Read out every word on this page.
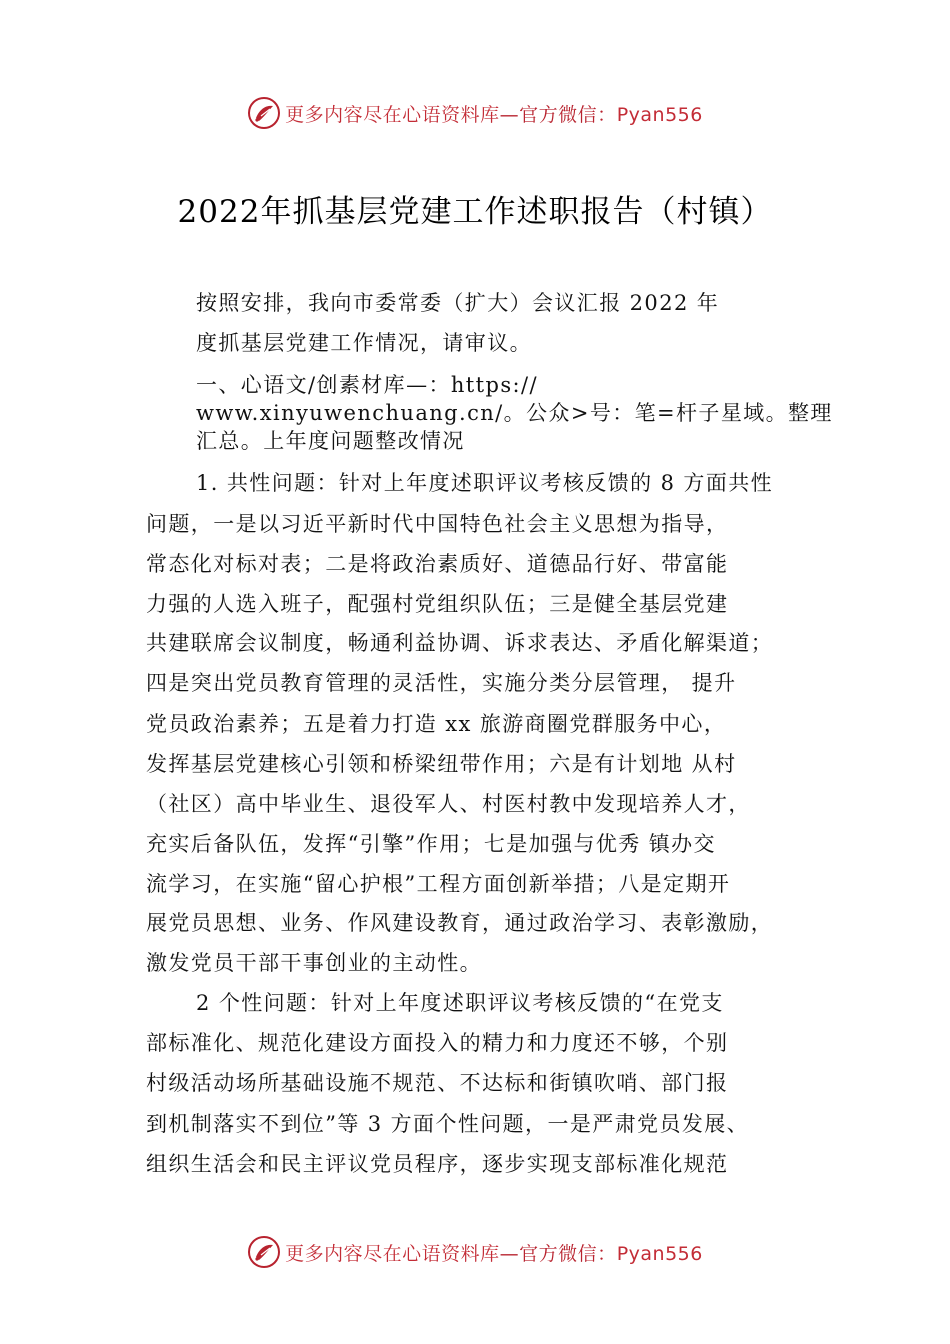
更多内容尽在心语资料库—官方微信：Pyan556
2022年抓基层党建工作述职报告（村镇）
按照安排，我向市委常委（扩大）会议汇报 2022 年
度抓基层党建工作情况，请审议。
一、心语文/创素材库—：https://
www.xinyuwenchuang.cn/。公众>号：笔=杆子星域。整理
汇总。上年度问题整改情况
1. 共性问题：针对上年度述职评议考核反馈的 8 方面共性
问题，一是以习近平新时代中国特色社会主义思想为指导，
常态化对标对表；二是将政治素质好、道德品行好、带富能
力强的人选入班子，配强村党组织队伍；三是健全基层党建
共建联席会议制度，畅通利益协调、诉求表达、矛盾化解渠道；
四是突出党员教育管理的灵活性，实施分类分层管理， 提升
党员政治素养；五是着力打造 xx 旅游商圈党群服务中心，
发挥基层党建核心引领和桥梁纽带作用；六是有计划地 从村
（社区）高中毕业生、退役军人、村医村教中发现培养人才，
充实后备队伍，发挥“引擎”作用；七是加强与优秀 镇办交
流学习，在实施“留心护根”工程方面创新举措；八是定期开
展党员思想、业务、作风建设教育，通过政治学习、表彰激励，
激发党员干部干事创业的主动性。
2 个性问题：针对上年度述职评议考核反馈的“在党支
部标准化、规范化建设方面投入的精力和力度还不够，个别
村级活动场所基础设施不规范、不达标和街镇吹哨、部门报
到机制落实不到位”等 3 方面个性问题，一是严肃党员发展、
组织生活会和民主评议党员程序，逐步实现支部标准化规范
更多内容尽在心语资料库—官方微信：Pyan556
